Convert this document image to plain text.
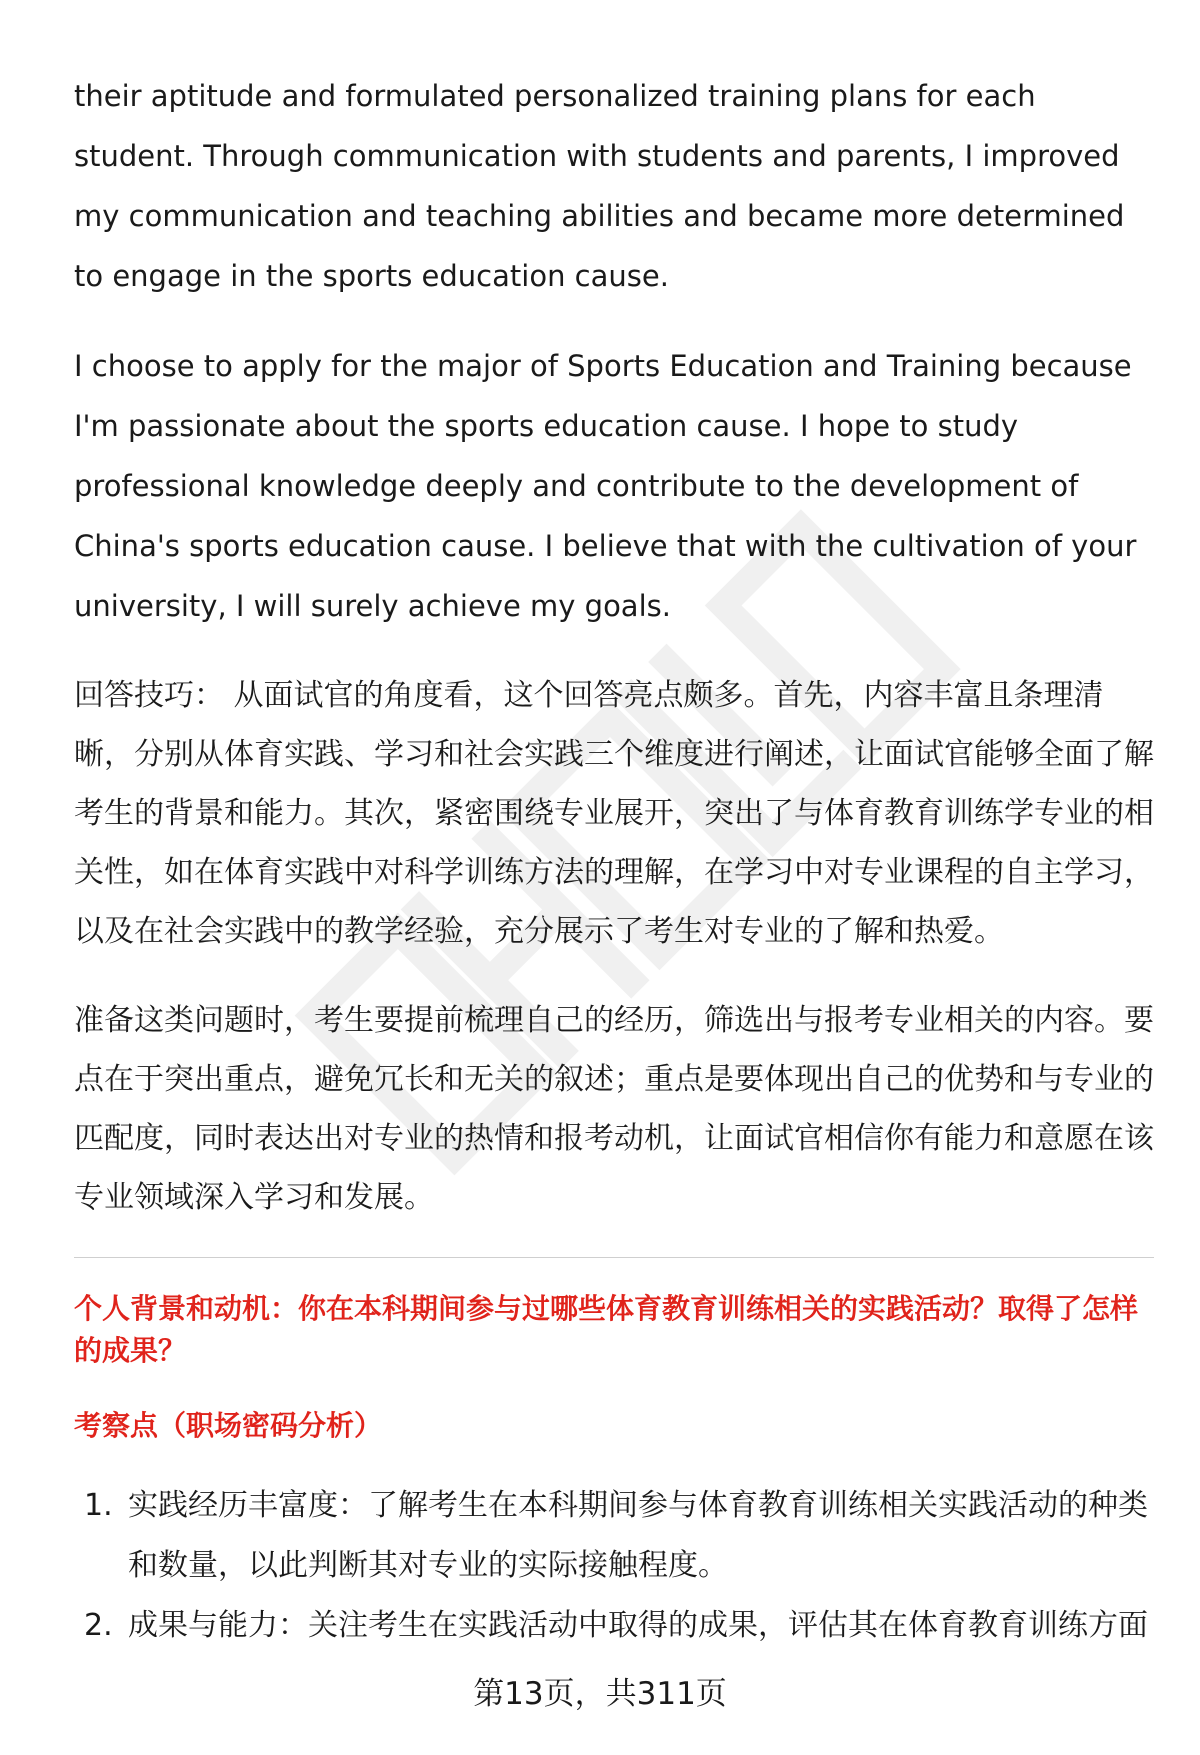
their aptitude and formulated personalized training plans for each student. Through communication with students and parents, I improved my communication and teaching abilities and became more determined to engage in the sports education cause.

I choose to apply for the major of Sports Education and Training because I'm passionate about the sports education cause. I hope to study professional knowledge deeply and contribute to the development of China's sports education cause. I believe that with the cultivation of your university, I will surely achieve my goals.

回答技巧： 从面试官的角度看，这个回答亮点颇多。首先，内容丰富且条理清晰，分别从体育实践、学习和社会实践三个维度进行阐述，让面试官能够全面了解考生的背景和能力。其次，紧密围绕专业展开，突出了与体育教育训练学专业的相关性，如在体育实践中对科学训练方法的理解，在学习中对专业课程的自主学习，以及在社会实践中的教学经验，充分展示了考生对专业的了解和热爱。

准备这类问题时，考生要提前梳理自己的经历，筛选出与报考专业相关的内容。要点在于突出重点，避免冗长和无关的叙述；重点是要体现出自己的优势和与专业的匹配度，同时表达出对专业的热情和报考动机，让面试官相信你有能力和意愿在该专业领域深入学习和发展。

个人背景和动机：你在本科期间参与过哪些体育教育训练相关的实践活动？取得了怎样的成果？
考察点（职场密码分析）
1. 实践经历丰富度：了解考生在本科期间参与体育教育训练相关实践活动的种类和数量，以此判断其对专业的实际接触程度。
2. 成果与能力：关注考生在实践活动中取得的成果，评估其在体育教育训练方面
第13页，共311页
